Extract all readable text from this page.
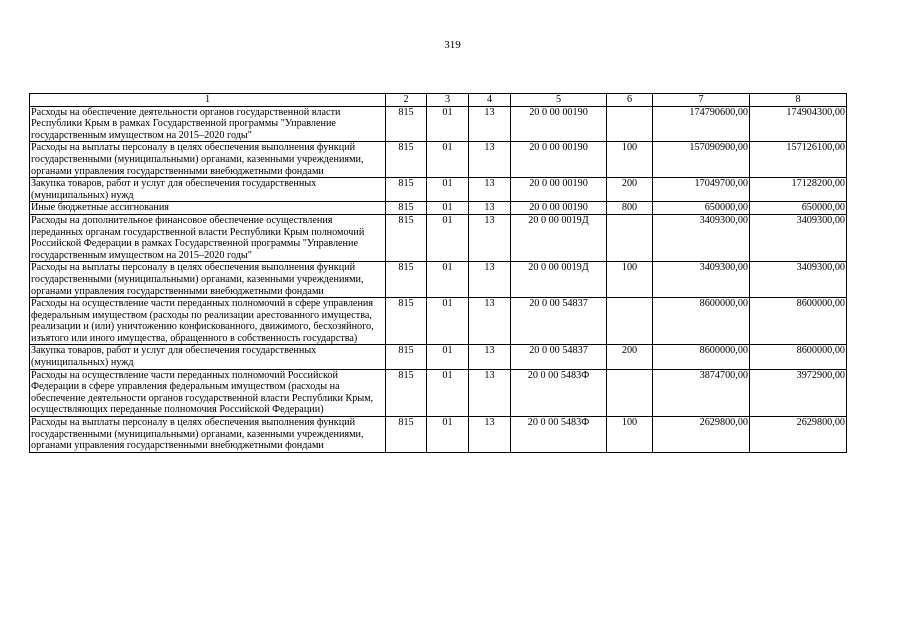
319
1	2	3	4	5	6	7	8
Расходы на обеспечение деятельности органов государственной власти Республики Крым в рамках Государственной программы "Управление государственным имуществом на 2015–2020 годы"	815	01	13	20 0 00 00190		174790600,00	174904300,00
Расходы на выплаты персоналу в целях обеспечения выполнения функций государственными (муниципальными) органами, казенными учреждениями, органами управления государственными внебюджетными фондами	815	01	13	20 0 00 00190	100	157090900,00	157126100,00
Закупка товаров, работ и услуг для обеспечения государственных (муниципальных) нужд	815	01	13	20 0 00 00190	200	17049700,00	17128200,00
Иные бюджетные ассигнования	815	01	13	20 0 00 00190	800	650000,00	650000,00
Расходы на дополнительное финансовое обеспечение осуществления переданных органам государственной власти Республики Крым полномочий Российской Федерации в рамках Государственной программы "Управление государственным имуществом на 2015–2020 годы"	815	01	13	20 0 00 0019Д		3409300,00	3409300,00
Расходы на выплаты персоналу в целях обеспечения выполнения функций государственными (муниципальными) органами, казенными учреждениями, органами управления государственными внебюджетными фондами	815	01	13	20 0 00 0019Д	100	3409300,00	3409300,00
Расходы на осуществление части переданных полномочий в сфере управления федеральным имуществом (расходы по реализации арестованного имущества, реализации и (или) уничтожению конфискованного, движимого, бесхозяйного, изъятого или иного имущества, обращенного в собственность государства)	815	01	13	20 0 00 54837		8600000,00	8600000,00
Закупка товаров, работ и услуг для обеспечения государственных (муниципальных) нужд	815	01	13	20 0 00 54837	200	8600000,00	8600000,00
Расходы на осуществление части переданных полномочий Российской Федерации в сфере управления федеральным имуществом (расходы на обеспечение деятельности органов государственной власти Республики Крым, осуществляющих переданные полномочия Российской Федерации)	815	01	13	20 0 00 5483Ф		3874700,00	3972900,00
Расходы на выплаты персоналу в целях обеспечения выполнения функций государственными (муниципальными) органами, казенными учреждениями, органами управления государственными внебюджетными фондами	815	01	13	20 0 00 5483Ф	100	2629800,00	2629800,00
